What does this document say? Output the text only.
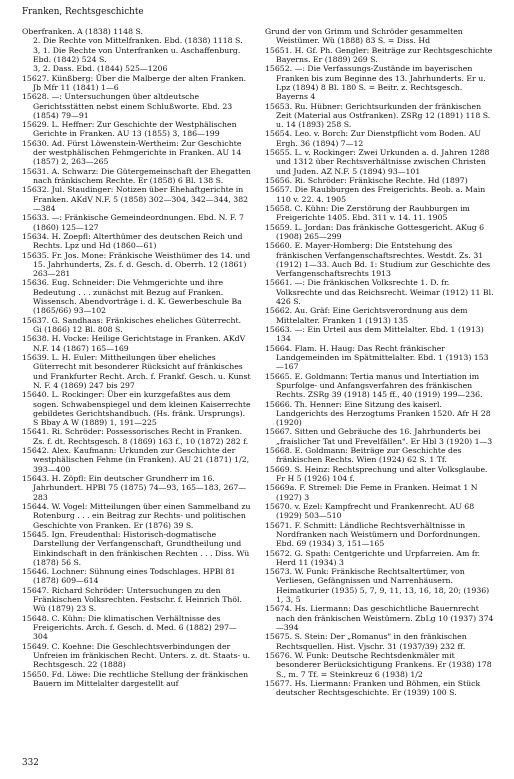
Franken, Rechtsgeschichte
Oberfranken. A (1838) 1148 S.
2. Die Rechte von Mittelfranken. Ebd. (1838) 1118 S.
3, 1. Die Rechte von Unterfranken u. Aschaffenburg. Ebd. (1842) 524 S.
3, 2. Dass. Ebd. (1844) 525—1206
15627. Künßberg: Über die Malberge der alten Franken. Jb Mfr 11 (1841) 1—6
15628. —: Untersuchungen über altdeutsche Gerichtsstätten nebst einem Schlußworte. Ebd. 23 (1854) 79—91
15629. L. Heffner: Zur Geschichte der Westphälischen Gerichte in Franken. AU 13 (1855) 3, 186—199
15630. Ad. Fürst Löwenstein-Wertheim: Zur Geschichte der westphälischen Fehmgerichte in Franken. AU 14 (1857) 2, 263—265
15631. A. Schwarz: Die Gütergemeinschaft der Ehegatten nach fränkischem Rechte. Er (1858) 6 Bl. 138 S.
15632. Jul. Staudinger: Notizen über Ehehaftgerichte in Franken. AKdV N.F. 5 (1858) 302—304, 342—344, 382—384
15633. —: Fränkische Gemeindeordnungen. Ebd. N. F. 7 (1860) 125—127
15634. H. Zoepfl: Alterthümer des deutschen Reich und Rechts. Lpz und Hd (1860—61)
15635. Fr. Jos. Mone: Fränkische Weisthümer des 14. und 15. Jahrhunderts, Zs. f. d. Gesch. d. Oberrh. 12 (1861) 263—281
15636. Eug. Schneider: Die Vehmgerichte und ihre Bedeutung . . . zunächst mit Bezug auf Franken. Wissensch. Abendvorträge i. d. K. Gewerbeschule Ba (1865/66) 93—102
15637. G. Sandhaas: Fränkisches eheliches Güterrecht. Gi (1866) 12 Bl. 808 S.
15638. H. Vocke: Heilige Gerichtstage in Franken. AKdV N.F. 14 (1867) 165—169
15639. L. H. Euler: Mittheilungen über eheliches Güterrecht mit besonderer Rücksicht auf fränkisches und Frankfurter Recht. Arch. f. Frankf. Gesch. u. Kunst N. F. 4 (1869) 247 bis 297
15640. L. Rockinger: Über ein kurzgefaßtes aus dem sogen. Schwabenspiegel und dem kleinen Kaiserrechte gebildetes Gerichtshandbuch. (Hs. fränk. Ursprungs). S Bbay A W (1889) 1, 191—225
15641. Ri. Schröder: Possessorisches Recht in Franken. Zs. f. dt. Rechtsgesch. 8 (1869) 163 f., 10 (1872) 282 f.
15642. Alex. Kaufmann: Urkunden zur Geschichte der westphälischen Fehme (in Franken). AU 21 (1871) 1/2, 393—400
15643. H. Zöpfl: Ein deutscher Grundherr im 16. Jahrhundert. HPBl 75 (1875) 74—93, 165—183, 267—283
15644. W. Vogel: Mitteilungen über einen Sammelband zu Rotenburg . . . ein Beitrag zur Rechts- und politischen Geschichte von Franken. Er (1876) 39 S.
15645. Ign. Freudenthal: Historisch-dogmatische Darstellung der Verfangenschaft, Grundtheilung und Einkindschaft in den fränkischen Rechten . . . Diss. Wü (1878) 56 S.
15646. Lochner: Sühnung eines Todschlages. HPBl 81 (1878) 609—614
15647. Richard Schröder: Untersuchungen zu den Fränkischen Volksrechten. Festschr. f. Heinrich Thöl. Wü (1879) 23 S.
15648. C. Kühn: Die klimatischen Verhältnisse des Freigerichts. Arch. f. Gesch. d. Med. 6 (1882) 297—304
15649. C. Koehne: Die Geschlechtsverbindungen der Unfreien im fränkischen Recht. Unters. z. dt. Staats- u. Rechtsgesch. 22 (1888)
15650. Fd. Löwe: Die rechtliche Stellung der fränkischen Bauern im Mittelalter dargestellt auf
Grund der von Grimm und Schröder gesammelten Weistümer. Wü (1888) 83 S. = Diss. Hd
15651. H. Gf. Ph. Gengler: Beiträge zur Rechtsgeschichte Bayerns. Er (1889) 269 S.
15652. —: Die Verfassungs-Zustände im bayerischen Franken bis zum Beginne des 13. Jahrhunderts. Er u. Lpz (1894) 8 Bl. 180 S. = Beitr. z. Rechtsgesch. Bayerns 4
15653. Ru. Hübner: Gerichtsurkunden der fränkischen Zeit (Material aus Ostfranken). ZSRg 12 (1891) 118 S. u. 14 (1893) 258 S.
15654. Leo. v. Borch: Zur Dienstpflicht vom Boden. AU Ergh. 36 (1894) 7—12
15655. L. v. Rockinger: Zwei Urkunden a. d. Jahren 1288 und 1312 über Rechtsverhältnisse zwischen Christen und Juden. AZ N.F. 5 (1894) 93—101
15656. Ri. Schröder: Fränkische Rechte. Hd (1897)
15657. Die Raubburgen des Freigerichts. Beob. a. Main 110 v. 22. 4. 1905
15658. C. Kühn: Die Zerstörung der Raubburgen im Freigerichte 1405. Ebd. 311 v. 14. 11. 1905
15659. L. Jordan: Das fränkische Gottesgericht. AKug 6 (1908) 265—299
15660. E. Mayer-Homberg: Die Entstehung des fränkischen Verfangenschaftsrechtes. Westdt. Zs. 31 (1912) 1—33. Auch Bd. 1: Studium zur Geschichte des Verfangenschaftsrechts 1913
15661. —: Die fränkischen Volksrechte 1. D. fr. Volksrechte und das Reichsrecht. Weimar (1912) 11 Bl. 426 S.
15662. Au. Gräf: Eine Gerichtsverordnung aus dem Mittelalter. Franken 1 (1913) 135
15663. —: Ein Urteil aus dem Mittelalter. Ebd. 1 (1913) 134
15664. Flam. H. Haug: Das Recht fränkischer Landgemeinden im Spätmittelalter. Ebd. 1 (1913) 153—167
15665. E. Goldmann: Tertia manus und Intertiation im Spurfolge- und Anfangsverfahren des fränkischen Rechts. ZSRg 39 (1918) 145 ff., 40 (1919) 199—236.
15666. Th. Henner: Eine Sitzung des kaiserl. Landgerichts des Herzogtums Franken 1520. Afr H 28 (1920)
15667. Sitten und Gebräuche des 16. Jahrhunderts bei „fraislicher Tat und Frevelfällen". Er Hbl 3 (1920) 1—3
15668. E. Goldmann: Beiträge zur Geschichte des fränkischen Rechts. Wien (1924) 62 S. 1 Tf.
15669. S. Heinz: Rechtsprechung und alter Volksglaube. Fr H 5 (1926) 104 f.
15669a. F. Stremel: Die Feme in Franken. Heimat 1 N (1927) 3
15670. v. Ezel: Kampfrecht und Frankenrecht. AU 68 (1929) 503—510
15671. F. Schmitt: Ländliche Rechtsverhältnisse in Nordfranken nach Weistümern und Dorfordnungen. Ebd. 69 (1934) 3, 151—165
15672. G. Spath: Centgerichte und Urpfarreien. Am fr. Herd 11 (1934) 3
15673. W. Funk: Fränkische Rechtsaltertümer, von Verliesen, Gefängnissen und Narrenhäusern. Heimatkurier (1935) 5, 7, 9, 11, 13, 16, 18, 20; (1936) 1, 3, 5
15674. Hs. Liermann: Das geschichtliche Bauernrecht nach den fränkischen Weistümern. ZbLg 10 (1937) 374—394
15675. S. Stein: Der „Romanus" in den fränkischen Rechtsquellen. Hist. Vjschr. 31 (1937/39) 232 ff.
15676. W. Funk: Deutsche Rechtsdenkmäler mit besonderer Berücksichtigung Frankens. Er (1938) 178 S., m. 7 Tf. = Steinkreuz 6 (1938) 1/2
15677. Hs. Liermann: Franken und Böhmen, ein Stück deutscher Rechtsgeschichte. Er (1939) 100 S.
332
